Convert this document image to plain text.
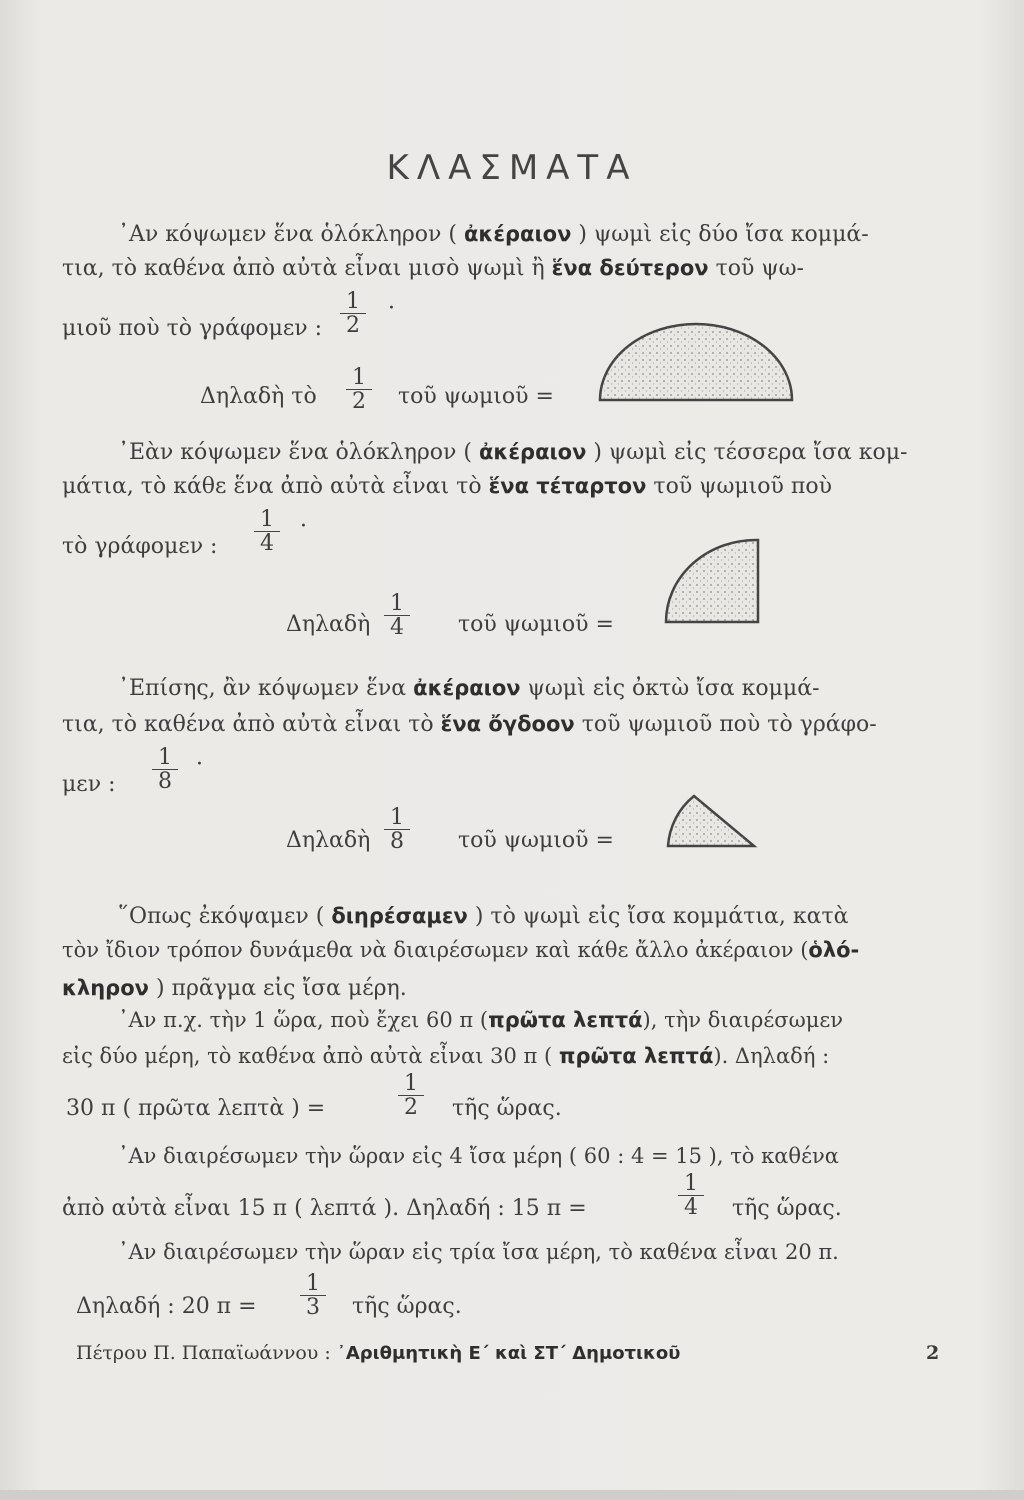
ΚΛΑΣΜΑΤΑ
᾿Αν κόψωμεν ἕνα ὁλόκληρον ( ἀκέραιον ) ψωμὶ εἰς δύο ἴσα κομμά-
τια, τὸ καθένα ἀπὸ αὐτὰ εἶναι μισὸ ψωμὶ ἢ ἕνα δεύτερον τοῦ ψω-
μιοῦ ποὺ τὸ γράφομεν : $\frac{1}{2}$ ·
Δηλαδὴ τὸ $\frac{1}{2}$ τοῦ ψωμιοῦ =
᾿Εὰν κόψωμεν ἕνα ὁλόκληρον ( ἀκέραιον ) ψωμὶ εἰς τέσσερα ἴσα κομ-
μάτια, τὸ κάθε ἕνα ἀπὸ αὐτὰ εἶναι τὸ ἕνα τέταρτον τοῦ ψωμιοῦ ποὺ
τὸ γράφομεν : $\frac{1}{4}$ ·
Δηλαδὴ $\frac{1}{4}$ τοῦ ψωμιοῦ =
᾿Επίσης, ἂν κόψωμεν ἕνα ἀκέραιον ψωμὶ εἰς ὀκτὼ ἴσα κομμά-
τια, τὸ καθένα ἀπὸ αὐτὰ εἶναι τὸ ἕνα ὄγδοον τοῦ ψωμιοῦ ποὺ τὸ γράφο-
μεν : $\frac{1}{8}$ ·
Δηλαδὴ $\frac{1}{8}$ τοῦ ψωμιοῦ =
῞Οπως ἐκόψαμεν ( διηρέσαμεν ) τὸ ψωμὶ εἰς ἴσα κομμάτια, κατὰ
τὸν ἴδιον τρόπον δυνάμεθα νὰ διαιρέσωμεν καὶ κάθε ἄλλο ἀκέραιον (ὁλό-
κληρον ) πρᾶγμα εἰς ἴσα μέρη.
᾿Αν π.χ. τὴν 1 ὥρα, ποὺ ἔχει 60 π (πρῶτα λεπτά), τὴν διαιρέσωμεν
εἰς δύο μέρη, τὸ καθένα ἀπὸ αὐτὰ εἶναι 30 π ( πρῶτα λεπτά). Δηλαδή :
30 π ( πρῶτα λεπτὰ ) =	$\frac{1}{2}$ τῆς ὥρας.
᾿Αν διαιρέσωμεν τὴν ὥραν εἰς 4 ἴσα μέρη ( 60 : 4 = 15 ), τὸ καθένα
ἀπὸ αὐτὰ εἶναι 15 π ( λεπτά ). Δηλαδή : 15 π =	$\frac{1}{4}$ τῆς ὥρας.
᾿Αν διαιρέσωμεν τὴν ὥραν εἰς τρία ἴσα μέρη, τὸ καθένα εἶναι 20 π.
Δηλαδή : 20 $\pi = \frac{1}{3}$ τῆς ὥρας.
Πέτρου Π. Παπαϊωάννου : ᾿Αριθμητικὴ Ε΄ καὶ ΣΤ΄ Δημοτικοῦ	2
